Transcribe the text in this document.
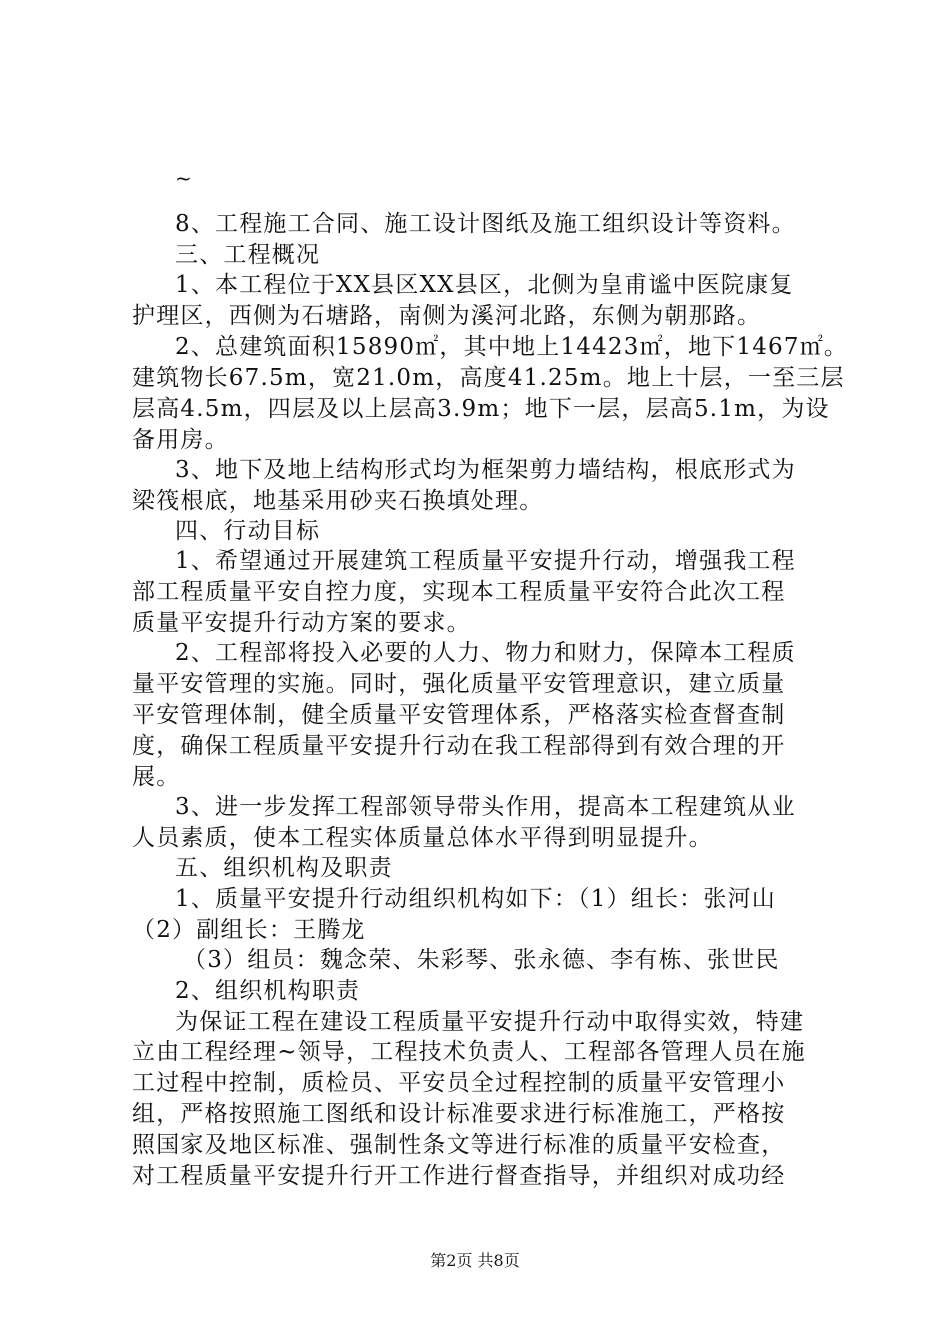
~
8、工程施工合同、施工设计图纸及施工组织设计等资料。
三、工程概况
1、本工程位于XX县区XX县区，北侧为皇甫谧中医院康复
护理区，西侧为石塘路，南侧为溪河北路，东侧为朝那路。
2、总建筑面积15890㎡，其中地上14423㎡，地下1467㎡。
建筑物长67.5m，宽21.0m，高度41.25m。地上十层，一至三层
层高4.5m，四层及以上层高3.9m；地下一层，层高5.1m，为设
备用房。
3、地下及地上结构形式均为框架剪力墙结构，根底形式为
梁筏根底，地基采用砂夹石换填处理。
四、行动目标
1、希望通过开展建筑工程质量平安提升行动，增强我工程
部工程质量平安自控力度，实现本工程质量平安符合此次工程
质量平安提升行动方案的要求。
2、工程部将投入必要的人力、物力和财力，保障本工程质
量平安管理的实施。同时，强化质量平安管理意识，建立质量
平安管理体制，健全质量平安管理体系，严格落实检查督查制
度，确保工程质量平安提升行动在我工程部得到有效合理的开
展。
3、进一步发挥工程部领导带头作用，提高本工程建筑从业
人员素质，使本工程实体质量总体水平得到明显提升。
五、组织机构及职责
1、质量平安提升行动组织机构如下：（1）组长：张河山
（2）副组长：王腾龙
（3）组员：魏念荣、朱彩琴、张永德、李有栋、张世民
2、组织机构职责
为保证工程在建设工程质量平安提升行动中取得实效，特建
立由工程经理~领导，工程技术负责人、工程部各管理人员在施
工过程中控制，质检员、平安员全过程控制的质量平安管理小
组，严格按照施工图纸和设计标准要求进行标准施工，严格按
照国家及地区标准、强制性条文等进行标准的质量平安检查，
对工程质量平安提升行开工作进行督查指导，并组织对成功经
第2页 共8页
